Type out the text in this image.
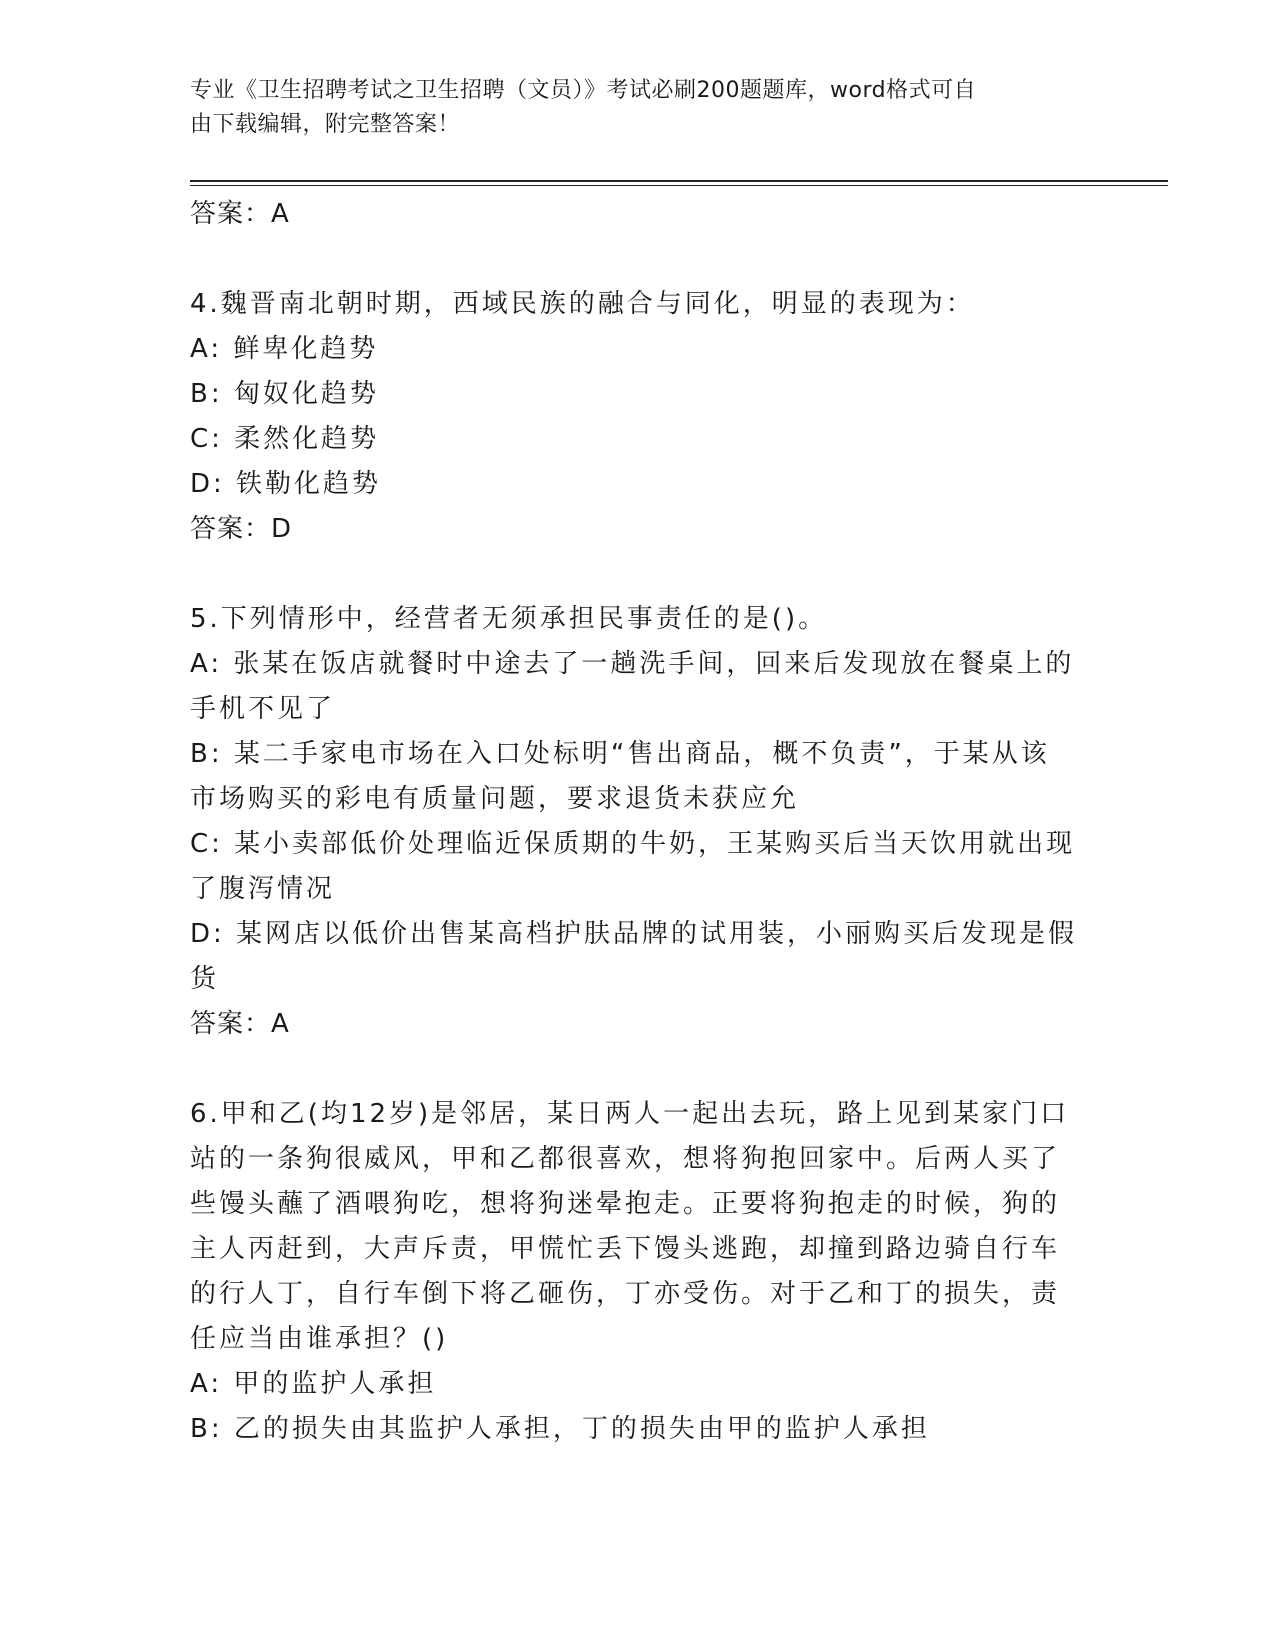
专业《卫生招聘考试之卫生招聘（文员）》考试必刷200题题库，word格式可自
由下载编辑，附完整答案！
答案：A
4.魏晋南北朝时期，西域民族的融合与同化，明显的表现为：
A: 鲜卑化趋势
B: 匈奴化趋势
C: 柔然化趋势
D: 铁勒化趋势
答案：D
5.下列情形中，经营者无须承担民事责任的是()。
A: 张某在饭店就餐时中途去了一趟洗手间，回来后发现放在餐桌上的
手机不见了
B: 某二手家电市场在入口处标明“售出商品，概不负责”，于某从该
市场购买的彩电有质量问题，要求退货未获应允
C: 某小卖部低价处理临近保质期的牛奶，王某购买后当天饮用就出现
了腹泻情况
D: 某网店以低价出售某高档护肤品牌的试用装，小丽购买后发现是假
货
答案：A
6.甲和乙(均12岁)是邻居，某日两人一起出去玩，路上见到某家门口
站的一条狗很威风，甲和乙都很喜欢，想将狗抱回家中。后两人买了
些馒头蘸了酒喂狗吃，想将狗迷晕抱走。正要将狗抱走的时候，狗的
主人丙赶到，大声斥责，甲慌忙丢下馒头逃跑，却撞到路边骑自行车
的行人丁，自行车倒下将乙砸伤，丁亦受伤。对于乙和丁的损失，责
任应当由谁承担？()
A: 甲的监护人承担
B: 乙的损失由其监护人承担，丁的损失由甲的监护人承担
